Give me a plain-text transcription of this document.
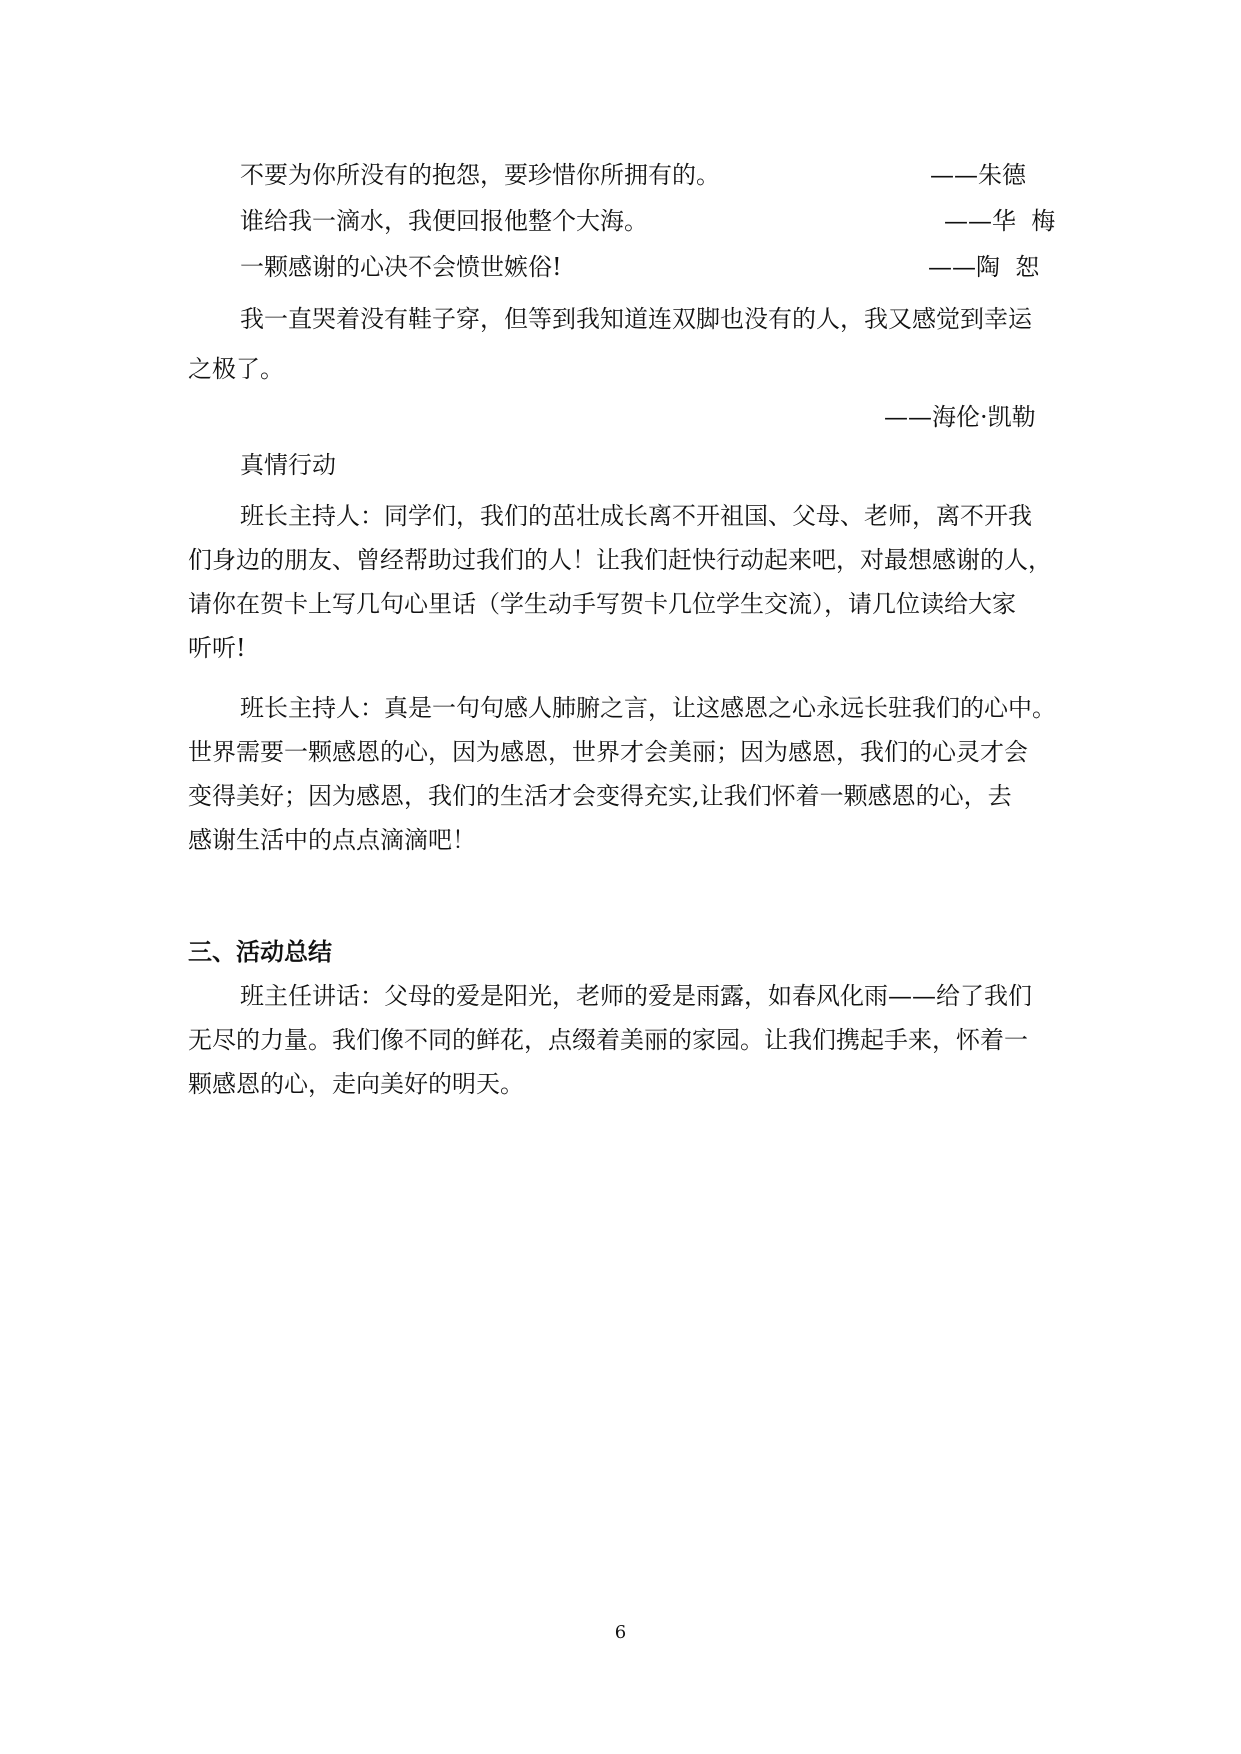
不要为你所没有的抱怨，要珍惜你所拥有的。	——朱德
谁给我一滴水，我便回报他整个大海。	——华  梅
一颗感谢的心决不会愤世嫉俗!	——陶  恕
我一直哭着没有鞋子穿，但等到我知道连双脚也没有的人，我又感觉到幸运
之极了。
——海伦·凯勒
真情行动
班长主持人：同学们，我们的茁壮成长离不开祖国、父母、老师，离不开我
们身边的朋友、曾经帮助过我们的人！让我们赶快行动起来吧，对最想感谢的人，
请你在贺卡上写几句心里话（学生动手写贺卡几位学生交流），请几位读给大家
听听!
班长主持人：真是一句句感人肺腑之言，让这感恩之心永远长驻我们的心中。
世界需要一颗感恩的心，因为感恩，世界才会美丽；因为感恩，我们的心灵才会
变得美好；因为感恩，我们的生活才会变得充实,让我们怀着一颗感恩的心，去
感谢生活中的点点滴滴吧！
三、活动总结
班主任讲话：父母的爱是阳光，老师的爱是雨露，如春风化雨——给了我们
无尽的力量。我们像不同的鲜花，点缀着美丽的家园。让我们携起手来，怀着一
颗感恩的心，走向美好的明天。
6
